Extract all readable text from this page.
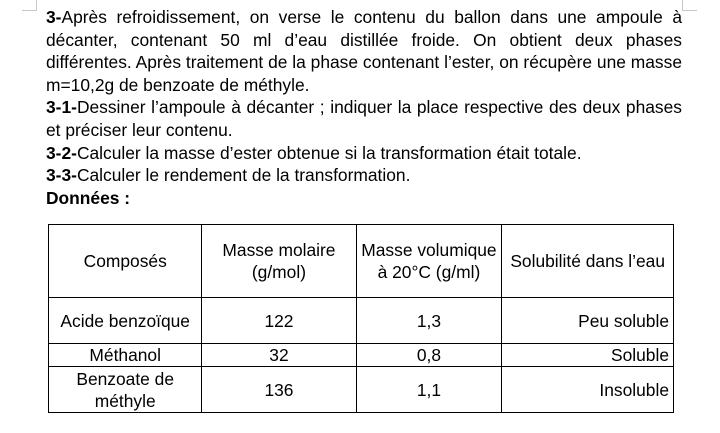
3-Après refroidissement, on verse le contenu du ballon dans une ampoule à décanter, contenant 50 ml d’eau distillée froide. On obtient deux phases différentes. Après traitement de la phase contenant l’ester, on récupère une masse m=10,2g de benzoate de méthyle.

3-1-Dessiner l’ampoule à décanter ; indiquer la place respective des deux phases et préciser leur contenu.

3-2-Calculer la masse d’ester obtenue si la transformation était totale.

3-3-Calculer le rendement de la transformation.

Données :

Composés	Masse molaire (g/mol)	Masse volumique à 20°C (g/ml)	Solubilité dans l’eau
Acide benzoïque	122	1,3	Peu soluble
Méthanol	32	0,8	Soluble
Benzoate de méthyle	136	1,1	Insoluble
